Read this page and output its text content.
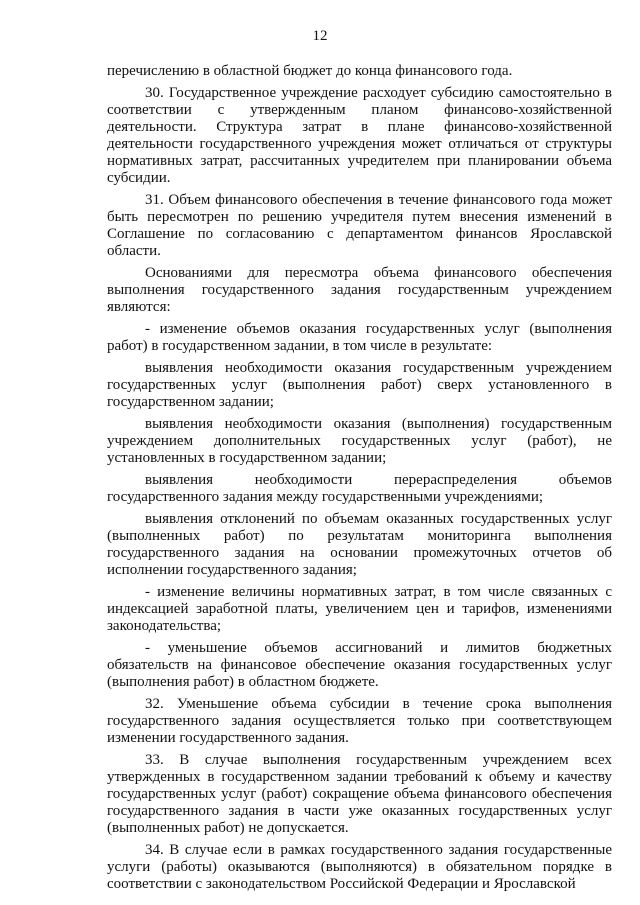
12

перечислению в областной бюджет до конца финансового года.

30. Государственное учреждение расходует субсидию самостоятельно в соответствии с утвержденным планом финансово-хозяйственной деятельности. Структура затрат в плане финансово-хозяйственной деятельности государственного учреждения может отличаться от структуры нормативных затрат, рассчитанных учредителем при планировании объема субсидии.

31. Объем финансового обеспечения в течение финансового года может быть пересмотрен по решению учредителя путем внесения изменений в Соглашение по согласованию с департаментом финансов Ярославской области.

Основаниями для пересмотра объема финансового обеспечения выполнения государственного задания государственным учреждением являются:

- изменение объемов оказания государственных услуг (выполнения работ) в государственном задании, в том числе в результате:

выявления необходимости оказания государственным учреждением государственных услуг (выполнения работ) сверх установленного в государственном задании;

выявления необходимости оказания (выполнения) государственным учреждением дополнительных государственных услуг (работ), не установленных в государственном задании;

выявления необходимости перераспределения объемов государственного задания между государственными учреждениями;

выявления отклонений по объемам оказанных государственных услуг (выполненных работ) по результатам мониторинга выполнения государственного задания на основании промежуточных отчетов об исполнении государственного задания;

- изменение величины нормативных затрат, в том числе связанных с индексацией заработной платы, увеличением цен и тарифов, изменениями законодательства;

- уменьшение объемов ассигнований и лимитов бюджетных обязательств на финансовое обеспечение оказания государственных услуг (выполнения работ) в областном бюджете.

32. Уменьшение объема субсидии в течение срока выполнения государственного задания осуществляется только при соответствующем изменении государственного задания.

33. В случае выполнения государственным учреждением всех утвержденных в государственном задании требований к объему и качеству государственных услуг (работ) сокращение объема финансового обеспечения государственного задания в части уже оказанных государственных услуг (выполненных работ) не допускается.

34. В случае если в рамках государственного задания государственные услуги (работы) оказываются (выполняются) в обязательном порядке в соответствии с законодательством Российской Федерации и Ярославской
